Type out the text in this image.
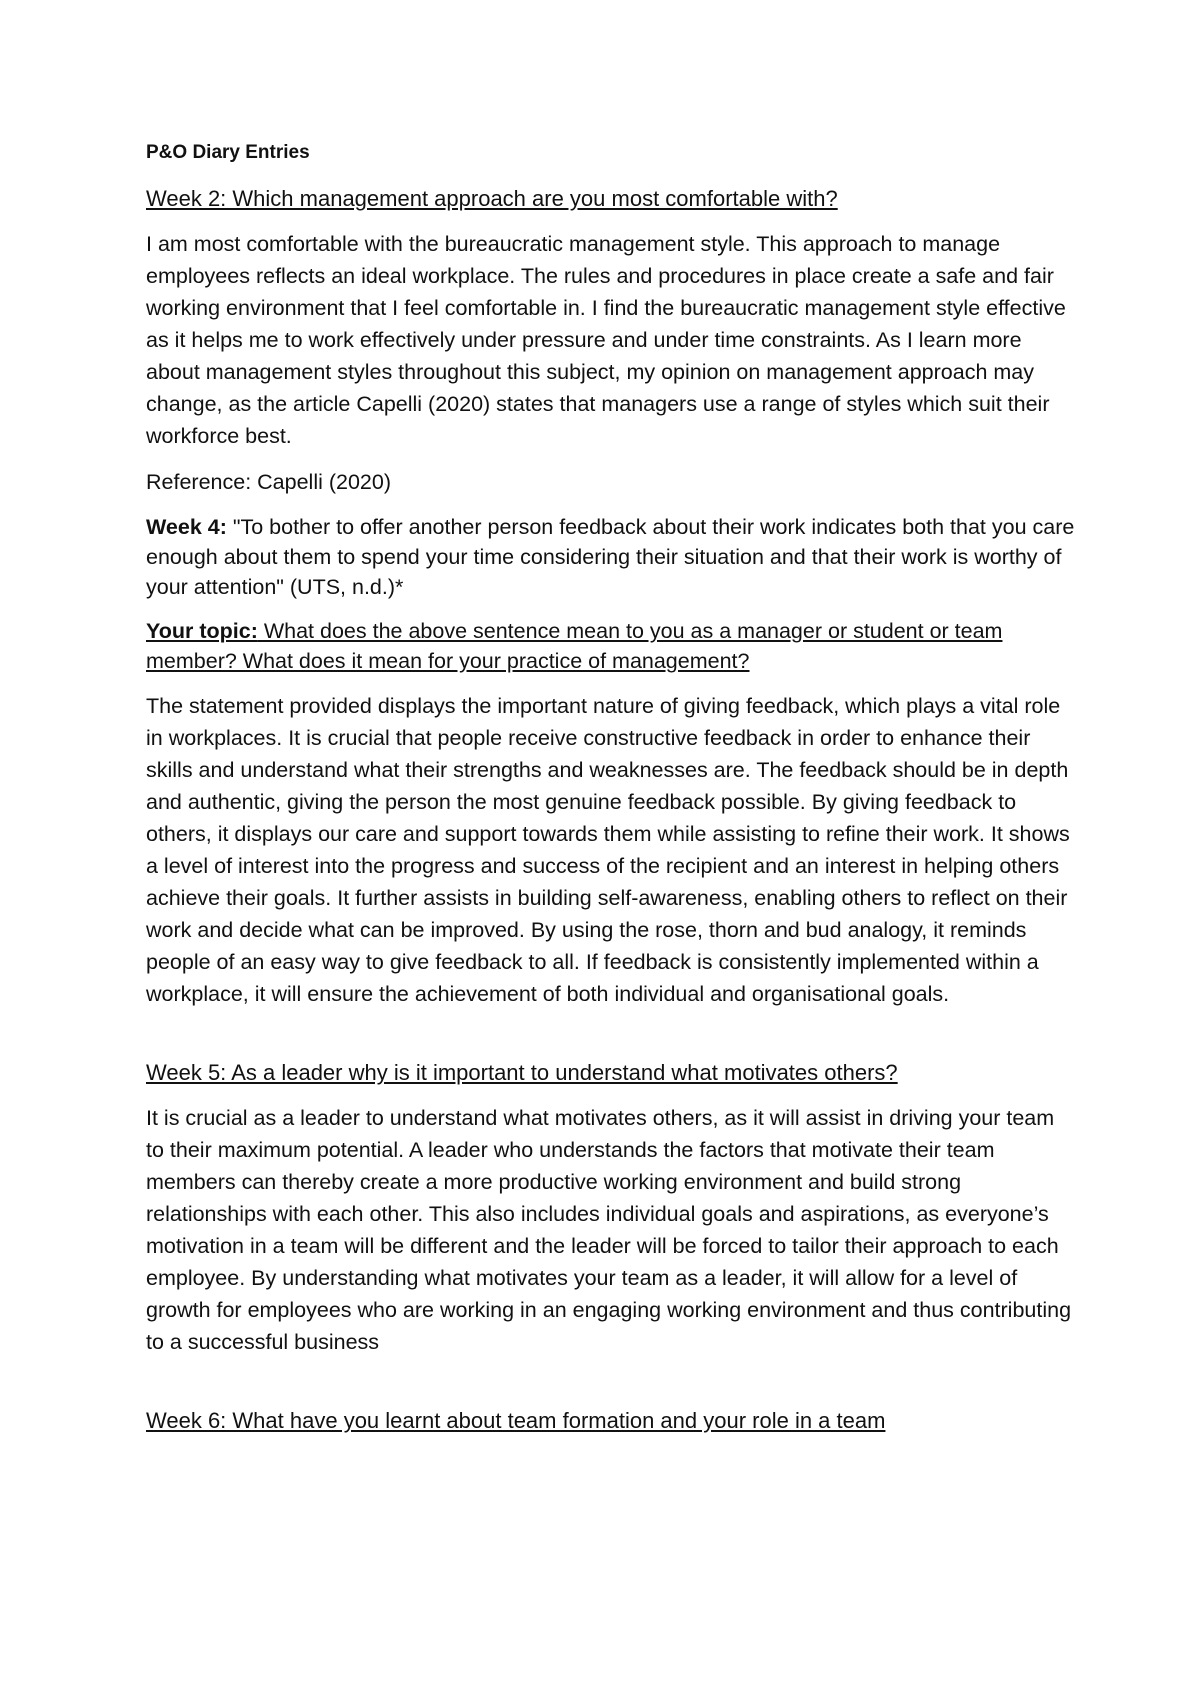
P&O Diary Entries
Week 2: Which management approach are you most comfortable with?
I am most comfortable with the bureaucratic management style. This approach to manage employees reflects an ideal workplace. The rules and procedures in place create a safe and fair working environment that I feel comfortable in. I find the bureaucratic management style effective as it helps me to work effectively under pressure and under time constraints. As I learn more about management styles throughout this subject, my opinion on management approach may change, as the article Capelli (2020) states that managers use a range of styles which suit their workforce best.
Reference: Capelli (2020)
Week 4: "To bother to offer another person feedback about their work indicates both that you care enough about them to spend your time considering their situation and that their work is worthy of your attention" (UTS, n.d.)*
Your topic: What does the above sentence mean to you as a manager or student or team member? What does it mean for your practice of management?
The statement provided displays the important nature of giving feedback, which plays a vital role in workplaces. It is crucial that people receive constructive feedback in order to enhance their skills and understand what their strengths and weaknesses are. The feedback should be in depth and authentic, giving the person the most genuine feedback possible. By giving feedback to others, it displays our care and support towards them while assisting to refine their work. It shows a level of interest into the progress and success of the recipient and an interest in helping others achieve their goals. It further assists in building self-awareness, enabling others to reflect on their work and decide what can be improved. By using the rose, thorn and bud analogy, it reminds people of an easy way to give feedback to all. If feedback is consistently implemented within a workplace, it will ensure the achievement of both individual and organisational goals.
Week 5: As a leader why is it important to understand what motivates others?
It is crucial as a leader to understand what motivates others, as it will assist in driving your team to their maximum potential. A leader who understands the factors that motivate their team members can thereby create a more productive working environment and build strong relationships with each other. This also includes individual goals and aspirations, as everyone’s motivation in a team will be different and the leader will be forced to tailor their approach to each employee. By understanding what motivates your team as a leader, it will allow for a level of growth for employees who are working in an engaging working environment and thus contributing to a successful business
Week 6: What have you learnt about team formation and your role in a team
